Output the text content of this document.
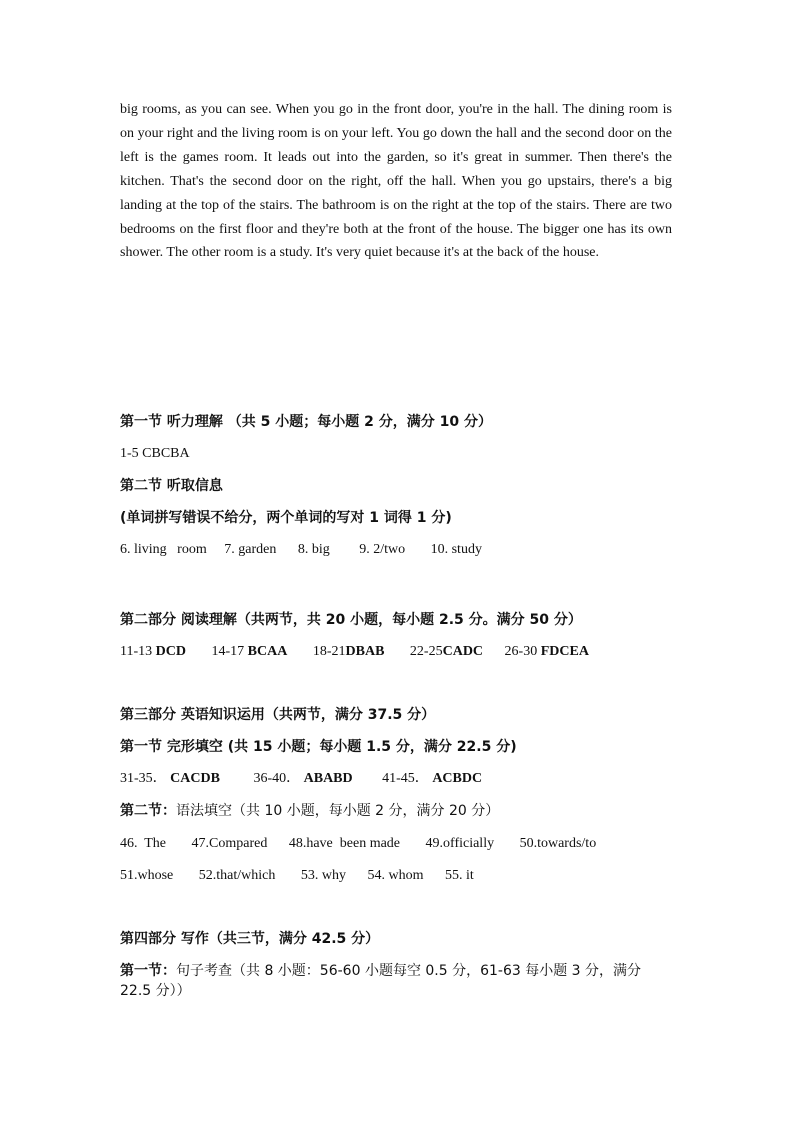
big rooms, as you can see. When you go in the front door, you're in the hall. The dining room is on your right and the living room is on your left. You go down the hall and the second door on the left is the games room. It leads out into the garden, so it's great in summer. Then there's the kitchen. That's the second door on the right, off the hall. When you go upstairs, there's a big landing at the top of the stairs. The bathroom is on the right at the top of the stairs. There are two bedrooms on the first floor and they're both at the front of the house. The bigger one has its own shower. The other room is a study. It's very quiet because it's at the back of the house.
第一节 听力理解 （共 5 小题；每小题 2 分，满分 10 分）
1-5 CBCBA
第二节 听取信息
(单词拼写错误不给分，两个单词的写对 1 词得 1 分)
6. living   room 7. garden 8. big 9. 2/two 10. study
第二部分 阅读理解（共两节，共 20 小题，每小题 2.5 分。满分 50 分）
11-13 DCD 14-17 BCAA 18-21DBAB 22-25CADC 26-30 FDCEA
第三部分 英语知识运用（共两节，满分 37.5 分）
第一节 完形填空 (共 15 小题；每小题 1.5 分，满分 22.5 分)
31-35． CACDB 36-40． ABABD 41-45． ACBDC
第二节：语法填空（共 10 小题，每小题 2 分，满分 20 分）
46.  The 47.Compared 48.have  been made 49.officially 50.towards/to
51.whose 52.that/which 53. why 54. whom 55. it
第四部分 写作（共三节，满分 42.5 分）
第一节：句子考查（共 8 小题：56-60 小题每空 0.5 分，61-63 每小题 3 分，满分 22.5 分））
